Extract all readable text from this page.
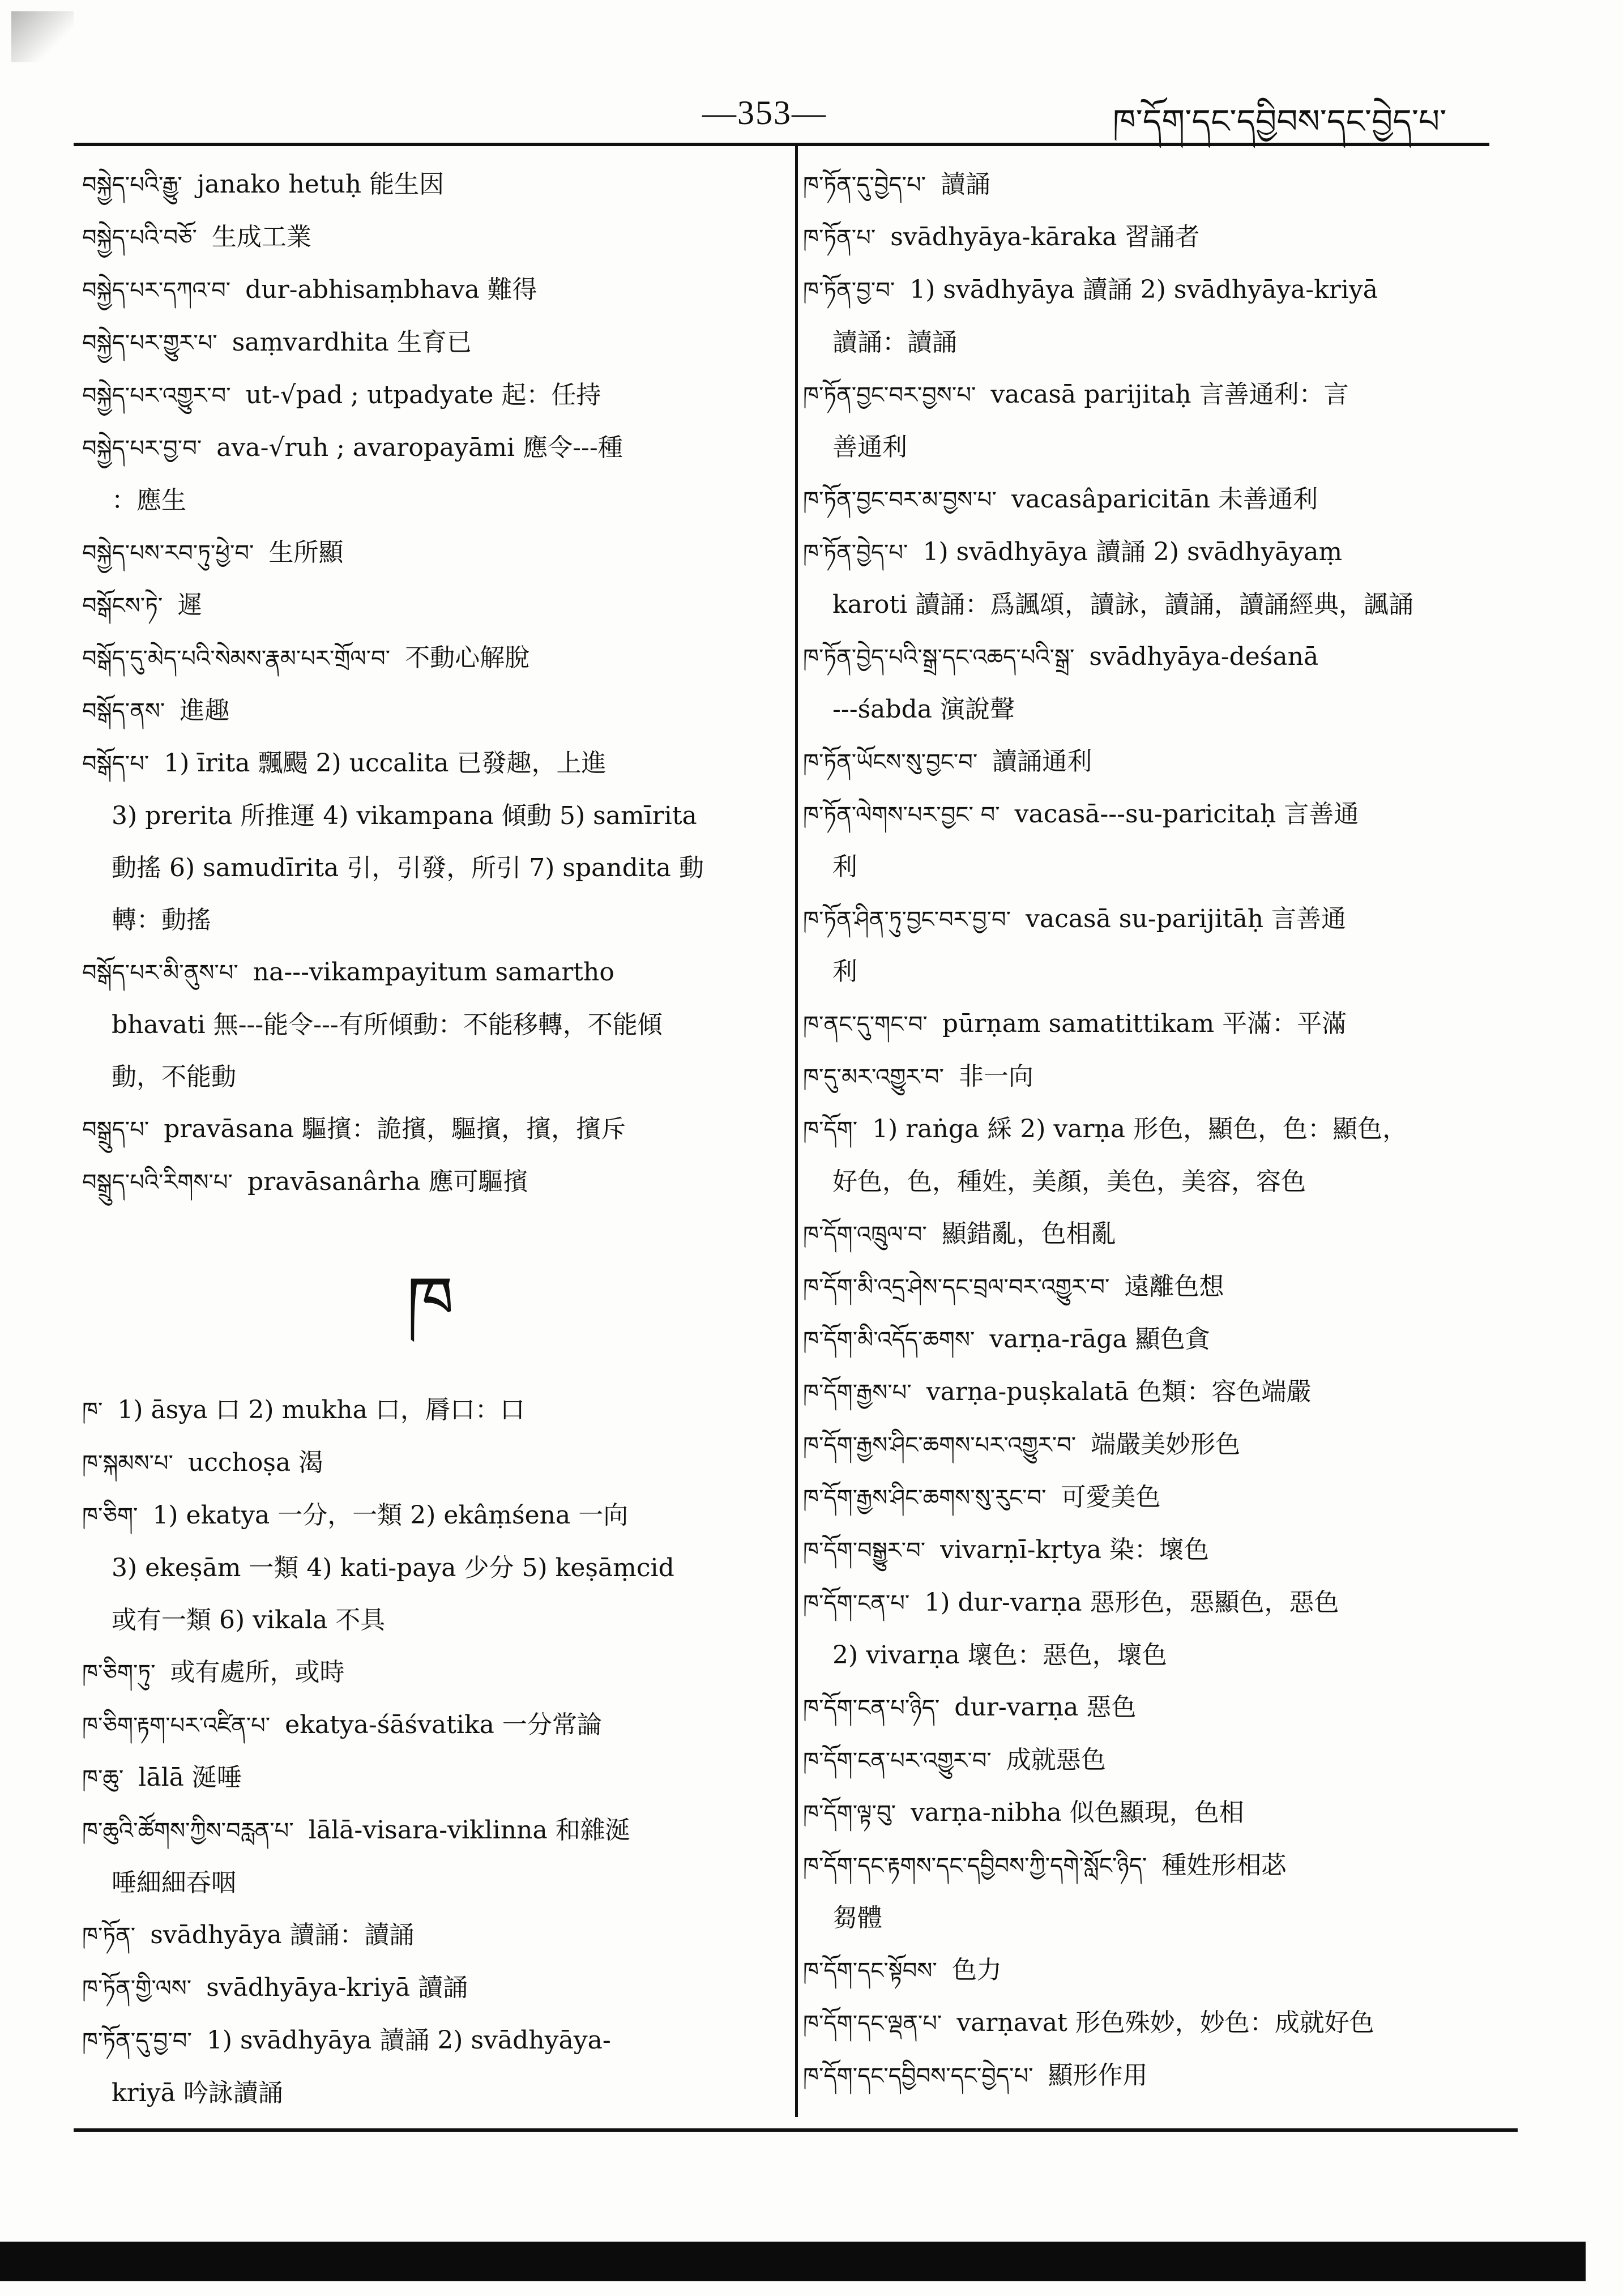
—353—	ཁ་དོག་དང་དབྱིབས་དང་བྱེད་པ་

བསྐྱེད་པའི་རྒྱུ་ janako hetuḥ 能生因

བསྐྱེད་པའི་བཅོ་ 生成工業

བསྐྱེད་པར་དཀའ་བ་ dur-abhisaṃbhava 難得

བསྐྱེད་པར་གྱུར་པ་ saṃvardhita 生育已

བསྐྱེད་པར་འགྱུར་བ་ ut-√pad ; utpadyate 起：任持

བསྐྱེད་པར་བྱ་བ་ ava-√ruh ; avaropayāmi 應令---種

：應生

བསྐྱེད་པས་རབ་ཏུ་ཕྱེ་བ་ 生所顯

བསྒོངས་ཏེ་ 遲

བསྒོད་དུ་མེད་པའི་སེམས་རྣམ་པར་གྲོལ་བ་ 不動心解脫

བསྒོད་ནས་ 進趣

བསྒོད་པ་ 1) īrita 飄颺 2) uccalita 已發趣，上進

3) prerita 所推運 4) vikampana 傾動 5) samīrita

動搖 6) samudīrita 引，引發，所引 7) spandita 動

轉：動搖

བསྒོད་པར་མི་ནུས་པ་ na---vikampayitum samartho

bhavati 無---能令---有所傾動：不能移轉，不能傾

動，不能動

བསྒྲུད་པ་ pravāsana 驅擯：詭擯，驅擯，擯，擯斥

བསྒྲུད་པའི་རིགས་པ་ pravāsanârha 應可驅擯

ཁ

ཁ་ 1) āsya 口 2) mukha 口，脣口：口

ཁ་སྐམས་པ་ ucchoṣa 渴

ཁ་ཅིག་ 1) ekatya 一分，一類 2) ekâṃśena 一向

3) ekeṣām 一類 4) kati-paya 少分 5) keṣāṃcid

或有一類 6) vikala 不具

ཁ་ཅིག་ཏུ་ 或有處所，或時

ཁ་ཅིག་རྟག་པར་འཛིན་པ་ ekatya-śāśvatika 一分常論

ཁ་ཆུ་ lālā 涎唾

ཁ་ཆུའི་ཚོགས་ཀྱིས་བརླན་པ་ lālā-visara-viklinna 和雜涎

唾細細吞咽

ཁ་ཏོན་ svādhyāya 讀誦：讀誦

ཁ་ཏོན་གྱི་ལས་ svādhyāya-kriyā 讀誦

ཁ་ཏོན་དུ་བྱ་བ་ 1) svādhyāya 讀誦 2) svādhyāya-

kriyā 吟詠讀誦

ཁ་ཏོན་དུ་བྱེད་པ་ 讀誦

ཁ་ཏོན་པ་ svādhyāya-kāraka 習誦者

ཁ་ཏོན་བྱ་བ་ 1) svādhyāya 讀誦 2) svādhyāya-kriyā

讀誦：讀誦

ཁ་ཏོན་བྱང་བར་བྱས་པ་ vacasā parijitaḥ 言善通利：言

善通利

ཁ་ཏོན་བྱང་བར་མ་བྱས་པ་ vacasâparicitān 未善通利

ཁ་ཏོན་བྱེད་པ་ 1) svādhyāya 讀誦 2) svādhyāyaṃ

karoti 讀誦：爲諷頌，讀詠，讀誦，讀誦經典，諷誦

ཁ་ཏོན་བྱེད་པའི་སྒྲ་དང་འཆད་པའི་སྒྲ་ svādhyāya-deśanā

---śabda 演說聲

ཁ་ཏོན་ཡོངས་སུ་བྱང་བ་ 讀誦通利

ཁ་ཏོན་ལེགས་པར་བྱང་ བ་ vacasā---su-paricitaḥ 言善通

利

ཁ་ཏོན་ཤིན་ཏུ་བྱང་བར་བྱ་བ་ vacasā su-parijitāḥ 言善通

利

ཁ་ནང་དུ་གང་བ་ pūrṇam samatittikam 平滿：平滿

ཁ་དུ་མར་འགྱུར་བ་ 非一向

ཁ་དོག་ 1) raṅga 綵 2) varṇa 形色，顯色，色：顯色，

好色，色，種姓，美顏，美色，美容，容色

ཁ་དོག་འཁྲུལ་བ་ 顯錯亂，色相亂

ཁ་དོག་མི་འདྲ་ཤེས་དང་བྲལ་བར་འགྱུར་བ་ 遠離色想

ཁ་དོག་མི་འདོད་ཆགས་ varṇa-rāga 顯色貪

ཁ་དོག་རྒྱས་པ་ varṇa-puṣkalatā 色類：容色端嚴

ཁ་དོག་རྒྱས་ཤིང་ཆགས་པར་འགྱུར་བ་ 端嚴美妙形色

ཁ་དོག་རྒྱས་ཤིང་ཆགས་སུ་རུང་བ་ 可愛美色

ཁ་དོག་བསྒྱུར་བ་ vivarṇī-kṛtya 染：壞色

ཁ་དོག་ངན་པ་ 1) dur-varṇa 惡形色，惡顯色，惡色

2) vivarṇa 壞色：惡色，壞色

ཁ་དོག་ངན་པ་ཉིད་ dur-varṇa 惡色

ཁ་དོག་ངན་པར་འགྱུར་བ་ 成就惡色

ཁ་དོག་ལྟ་བུ་ varṇa-nibha 似色顯現，色相

ཁ་དོག་དང་རྟགས་དང་དབྱིབས་ཀྱི་དགེ་སློང་ཉིད་ 種姓形相苾

芻體

ཁ་དོག་དང་སྟོབས་ 色力

ཁ་དོག་དང་ལྡན་པ་ varṇavat 形色殊妙，妙色：成就好色

ཁ་དོག་དང་དབྱིབས་དང་བྱེད་པ་ 顯形作用
